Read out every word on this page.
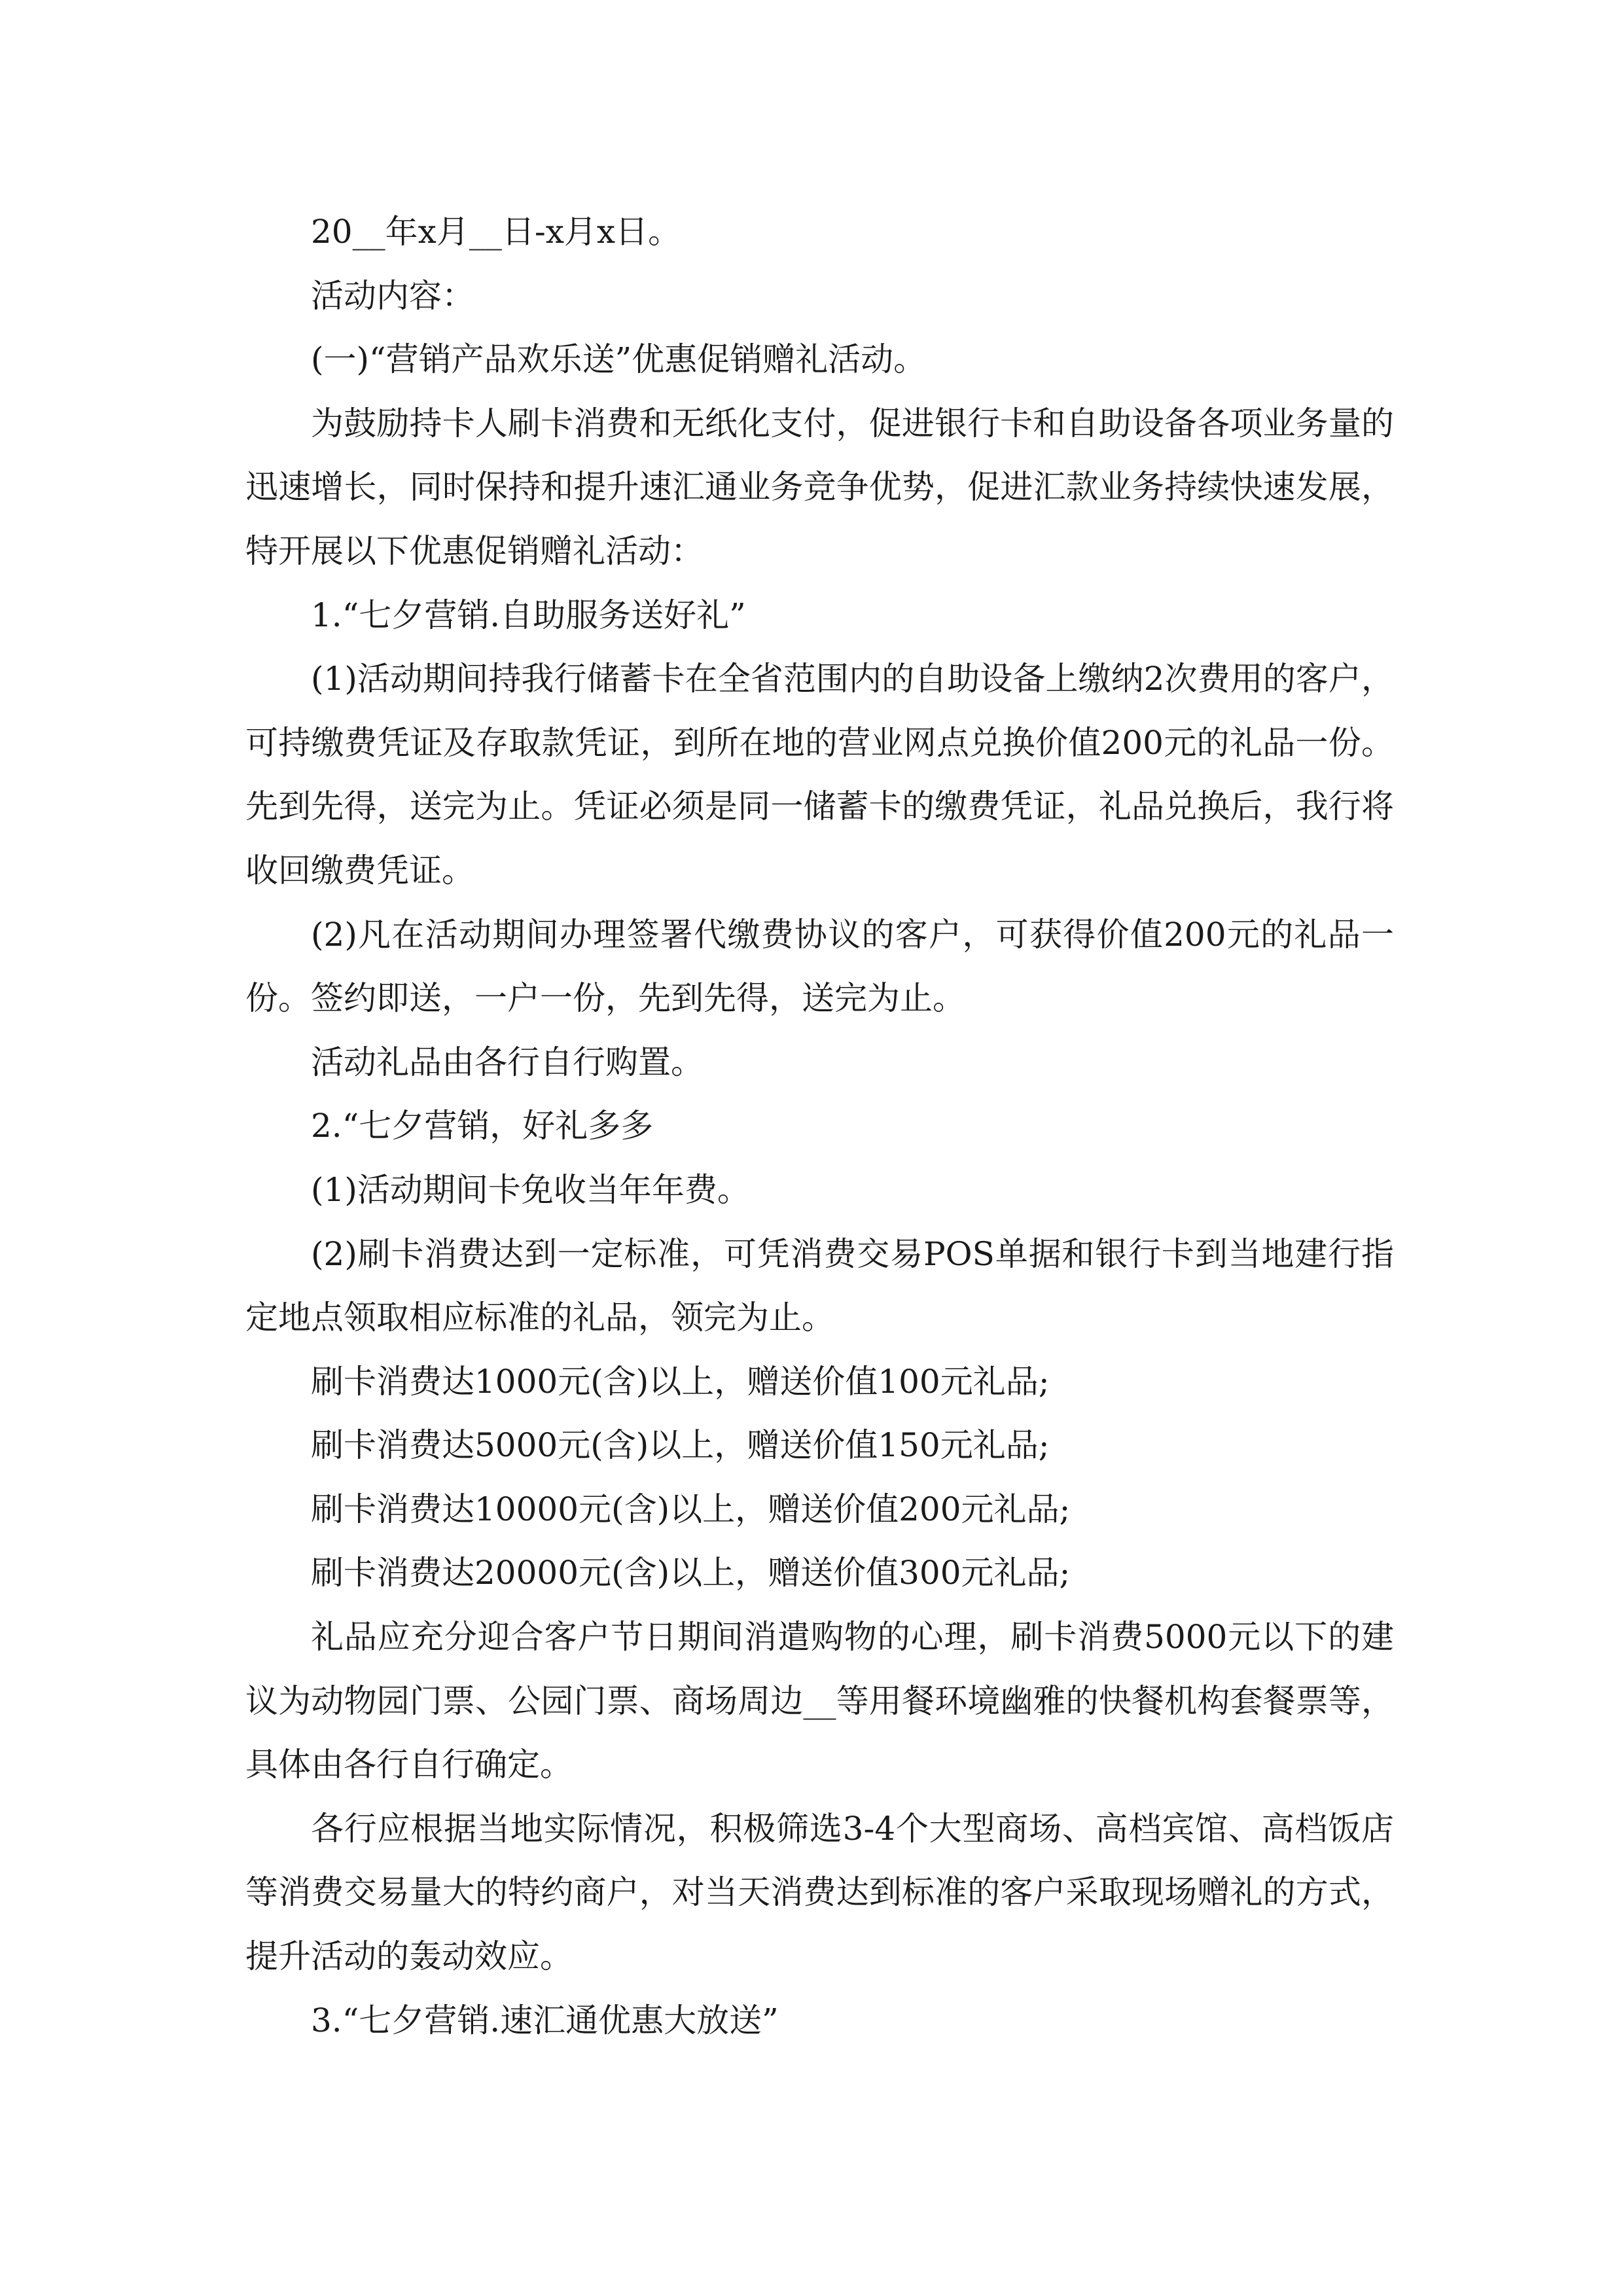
20__年x月__日-x月x日。

活动内容：

(一)“营销产品欢乐送”优惠促销赠礼活动。

为鼓励持卡人刷卡消费和无纸化支付，促进银行卡和自助设备各项业务量的迅速增长，同时保持和提升速汇通业务竞争优势，促进汇款业务持续快速发展，特开展以下优惠促销赠礼活动：

1.“七夕营销.自助服务送好礼”

(1)活动期间持我行储蓄卡在全省范围内的自助设备上缴纳2次费用的客户，可持缴费凭证及存取款凭证，到所在地的营业网点兑换价值200元的礼品一份。先到先得，送完为止。凭证必须是同一储蓄卡的缴费凭证，礼品兑换后，我行将收回缴费凭证。

(2)凡在活动期间办理签署代缴费协议的客户，可获得价值200元的礼品一份。签约即送，一户一份，先到先得，送完为止。

活动礼品由各行自行购置。

2.“七夕营销，好礼多多

(1)活动期间卡免收当年年费。

(2)刷卡消费达到一定标准，可凭消费交易POS单据和银行卡到当地建行指定地点领取相应标准的礼品，领完为止。

刷卡消费达1000元(含)以上，赠送价值100元礼品;

刷卡消费达5000元(含)以上，赠送价值150元礼品;

刷卡消费达10000元(含)以上，赠送价值200元礼品;

刷卡消费达20000元(含)以上，赠送价值300元礼品;

礼品应充分迎合客户节日期间消遣购物的心理，刷卡消费5000元以下的建议为动物园门票、公园门票、商场周边__等用餐环境幽雅的快餐机构套餐票等，具体由各行自行确定。

各行应根据当地实际情况，积极筛选3-4个大型商场、高档宾馆、高档饭店等消费交易量大的特约商户，对当天消费达到标准的客户采取现场赠礼的方式，提升活动的轰动效应。

3.“七夕营销.速汇通优惠大放送”
